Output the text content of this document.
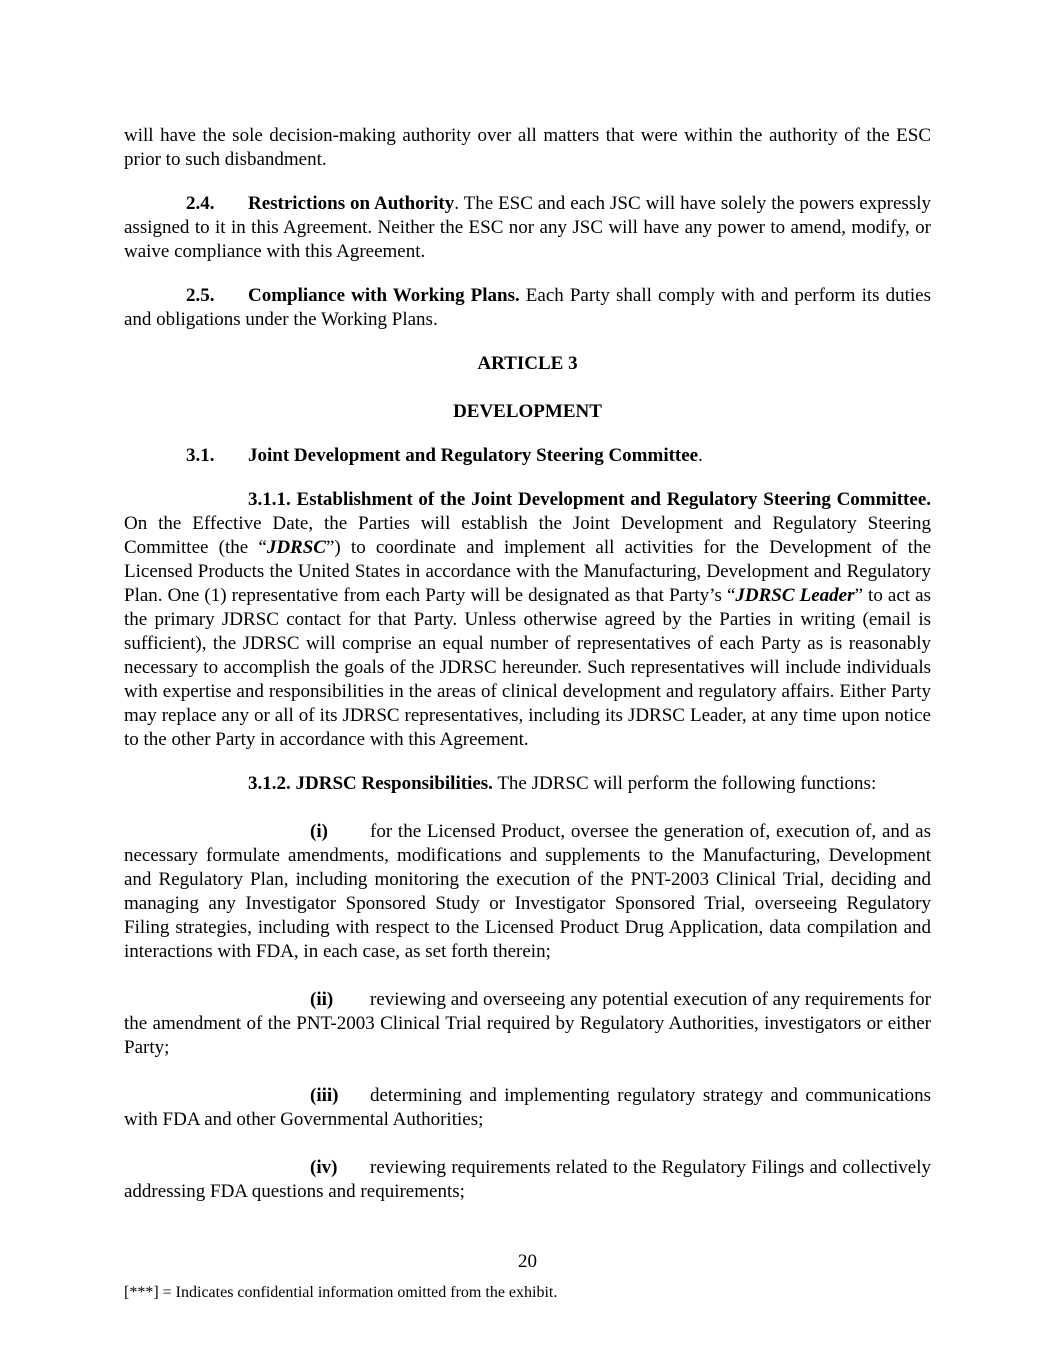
will have the sole decision-making authority over all matters that were within the authority of the ESC prior to such disbandment.

2.4. Restrictions on Authority. The ESC and each JSC will have solely the powers expressly assigned to it in this Agreement. Neither the ESC nor any JSC will have any power to amend, modify, or waive compliance with this Agreement.

2.5. Compliance with Working Plans. Each Party shall comply with and perform its duties and obligations under the Working Plans.

ARTICLE 3

DEVELOPMENT

3.1. Joint Development and Regulatory Steering Committee.

3.1.1. Establishment of the Joint Development and Regulatory Steering Committee. On the Effective Date, the Parties will establish the Joint Development and Regulatory Steering Committee (the “JDRSC”) to coordinate and implement all activities for the Development of the Licensed Products the United States in accordance with the Manufacturing, Development and Regulatory Plan. One (1) representative from each Party will be designated as that Party’s “JDRSC Leader” to act as the primary JDRSC contact for that Party. Unless otherwise agreed by the Parties in writing (email is sufficient), the JDRSC will comprise an equal number of representatives of each Party as is reasonably necessary to accomplish the goals of the JDRSC hereunder. Such representatives will include individuals with expertise and responsibilities in the areas of clinical development and regulatory affairs. Either Party may replace any or all of its JDRSC representatives, including its JDRSC Leader, at any time upon notice to the other Party in accordance with this Agreement.

3.1.2. JDRSC Responsibilities. The JDRSC will perform the following functions:

(i) for the Licensed Product, oversee the generation of, execution of, and as necessary formulate amendments, modifications and supplements to the Manufacturing, Development and Regulatory Plan, including monitoring the execution of the PNT-2003 Clinical Trial, deciding and managing any Investigator Sponsored Study or Investigator Sponsored Trial, overseeing Regulatory Filing strategies, including with respect to the Licensed Product Drug Application, data compilation and interactions with FDA, in each case, as set forth therein;

(ii) reviewing and overseeing any potential execution of any requirements for the amendment of the PNT-2003 Clinical Trial required by Regulatory Authorities, investigators or either Party;

(iii) determining and implementing regulatory strategy and communications with FDA and other Governmental Authorities;

(iv) reviewing requirements related to the Regulatory Filings and collectively addressing FDA questions and requirements;

20
[***] = Indicates confidential information omitted from the exhibit.
